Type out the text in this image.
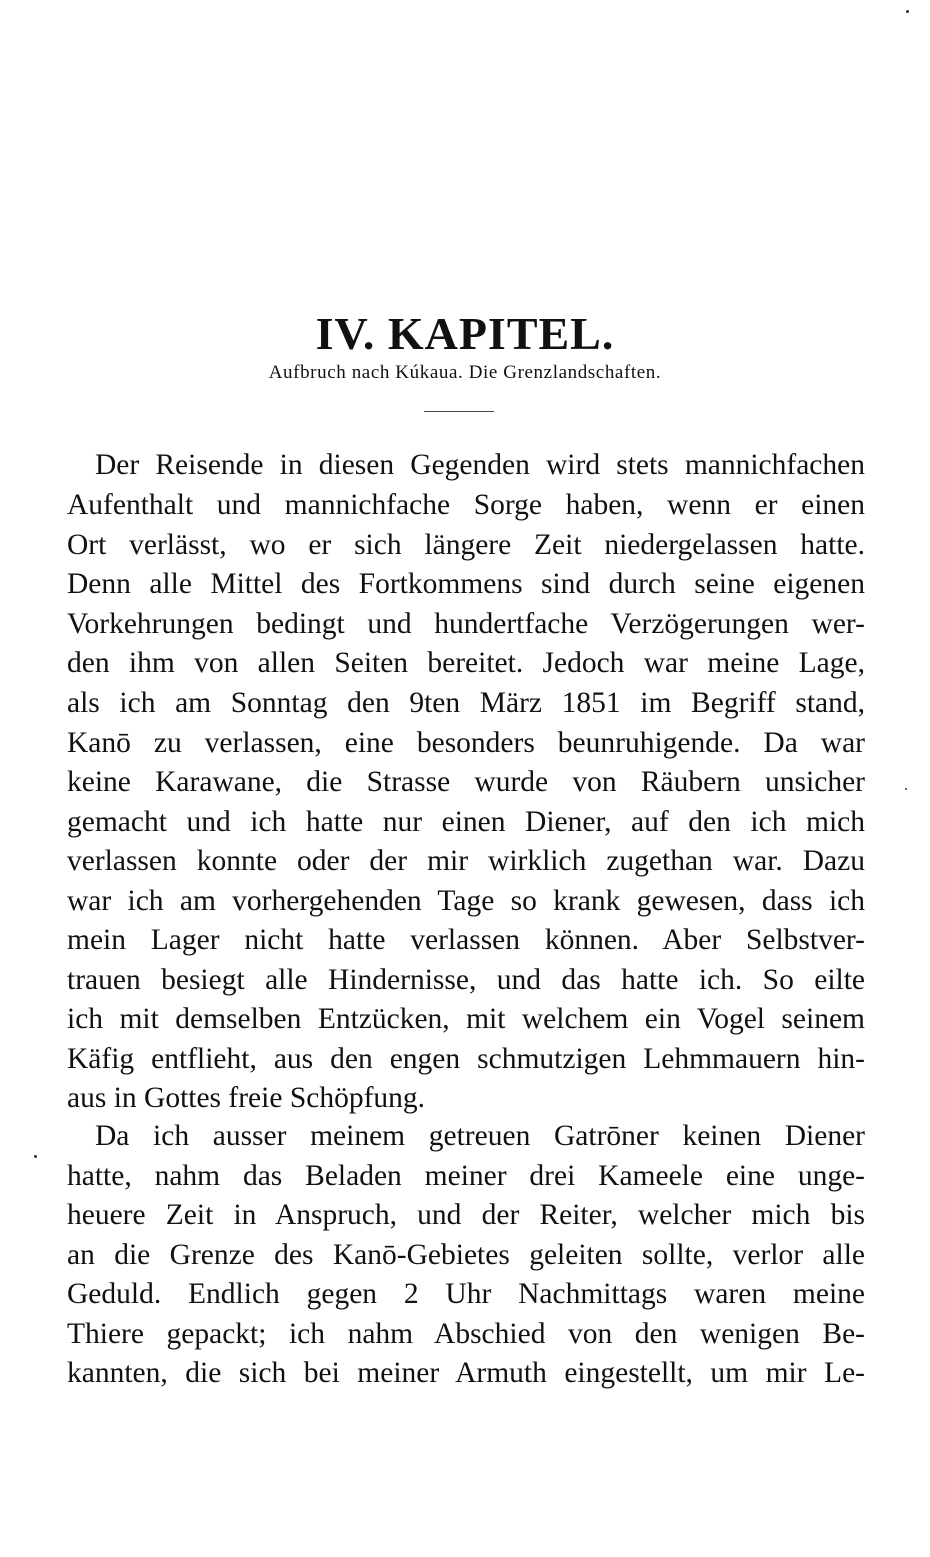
IV. KAPITEL.
Aufbruch nach Kúkaua. Die Grenzlandschaften.
Der Reisende in diesen Gegenden wird stets mannichfachen
Aufenthalt und mannichfache Sorge haben, wenn er einen
Ort verlässt, wo er sich längere Zeit niedergelassen hatte.
Denn alle Mittel des Fortkommens sind durch seine eigenen
Vorkehrungen bedingt und hundertfache Verzögerungen wer-
den ihm von allen Seiten bereitet. Jedoch war meine Lage,
als ich am Sonntag den 9ten März 1851 im Begriff stand,
Kanō zu verlassen, eine besonders beunruhigende. Da war
keine Karawane, die Strasse wurde von Räubern unsicher
gemacht und ich hatte nur einen Diener, auf den ich mich
verlassen konnte oder der mir wirklich zugethan war. Dazu
war ich am vorhergehenden Tage so krank gewesen, dass ich
mein Lager nicht hatte verlassen können. Aber Selbstver-
trauen besiegt alle Hindernisse, und das hatte ich. So eilte
ich mit demselben Entzücken, mit welchem ein Vogel seinem
Käfig entflieht, aus den engen schmutzigen Lehmmauern hin-
aus in Gottes freie Schöpfung.
Da ich ausser meinem getreuen Gatrōner keinen Diener
hatte, nahm das Beladen meiner drei Kameele eine unge-
heuere Zeit in Anspruch, und der Reiter, welcher mich bis
an die Grenze des Kanō-Gebietes geleiten sollte, verlor alle
Geduld. Endlich gegen 2 Uhr Nachmittags waren meine
Thiere gepackt; ich nahm Abschied von den wenigen Be-
kannten, die sich bei meiner Armuth eingestellt, um mir Le-
